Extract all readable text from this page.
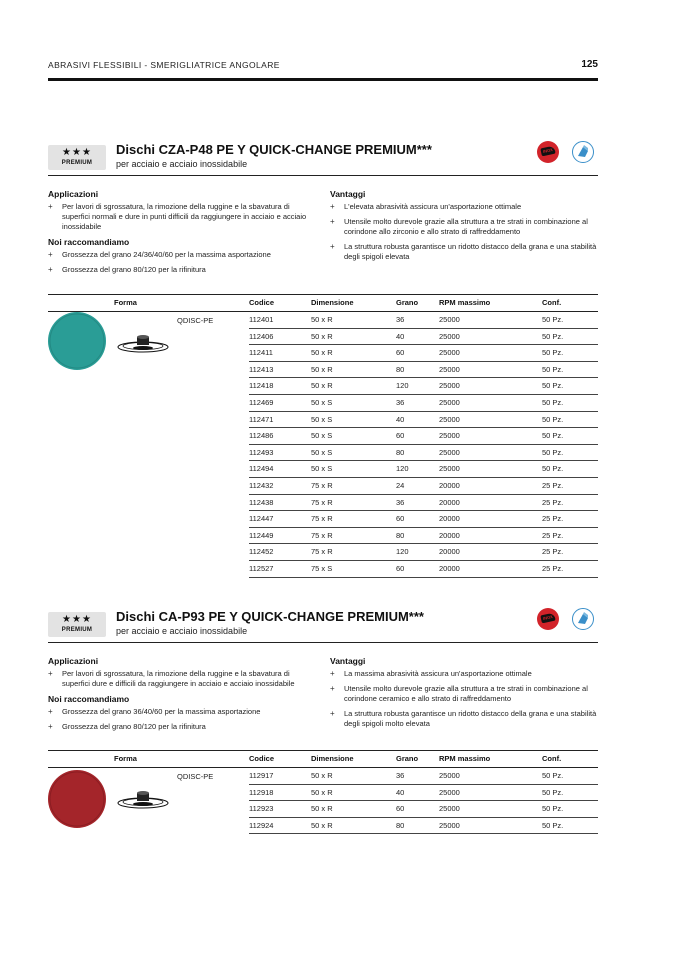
ABRASIVI FLESSIBILI - SMERIGLIATRICE ANGOLARE	125
★★★
PREMIUM
Dischi CZA-P48 PE Y QUICK-CHANGE PREMIUM***
per acciaio e acciaio inossidabile
INOX
Applicazioni
+ Per lavori di sgrossatura, la rimozione della ruggine e la sbavatura di superfici normali e dure in punti difficili da raggiungere in acciaio e acciaio inossidabile
Noi raccomandiamo
+ Grossezza del grano 24/36/40/60 per la massima asportazione
+ Grossezza del grano 80/120 per la rifinitura
Vantaggi
+ L'elevata abrasività assicura un'asportazione ottimale
+ Utensile molto durevole grazie alla struttura a tre strati in combinazione al corindone allo zirconio e allo strato di raffreddamento
+ La struttura robusta garantisce un ridotto distacco della grana e una stabilità degli spigoli elevata
Forma	Codice	Dimensione	Grano	RPM massimo	Conf.
QDISC-PE	112401	50 x R	36	25000	50 Pz.
112406	50 x R	40	25000	50 Pz.
112411	50 x R	60	25000	50 Pz.
112413	50 x R	80	25000	50 Pz.
112418	50 x R	120	25000	50 Pz.
112469	50 x S	36	25000	50 Pz.
112471	50 x S	40	25000	50 Pz.
112486	50 x S	60	25000	50 Pz.
112493	50 x S	80	25000	50 Pz.
112494	50 x S	120	25000	50 Pz.
112432	75 x R	24	20000	25 Pz.
112438	75 x R	36	20000	25 Pz.
112447	75 x R	60	20000	25 Pz.
112449	75 x R	80	20000	25 Pz.
112452	75 x R	120	20000	25 Pz.
112527	75 x S	60	20000	25 Pz.
★★★
PREMIUM
Dischi CA-P93 PE Y QUICK-CHANGE PREMIUM***
per acciaio e acciaio inossidabile
INOX
Applicazioni
+ Per lavori di sgrossatura, la rimozione della ruggine e la sbavatura di superfici dure e difficili da raggiungere in acciaio e acciaio inossidabile
Noi raccomandiamo
+ Grossezza del grano 36/40/60 per la massima asportazione
+ Grossezza del grano 80/120 per la rifinitura
Vantaggi
+ La massima abrasività assicura un'asportazione ottimale
+ Utensile molto durevole grazie alla struttura a tre strati in combinazione al corindone ceramico e allo strato di raffreddamento
+ La struttura robusta garantisce un ridotto distacco della grana e una stabilità degli spigoli molto elevata
Forma	Codice	Dimensione	Grano	RPM massimo	Conf.
QDISC-PE	112917	50 x R	36	25000	50 Pz.
112918	50 x R	40	25000	50 Pz.
112923	50 x R	60	25000	50 Pz.
112924	50 x R	80	25000	50 Pz.
